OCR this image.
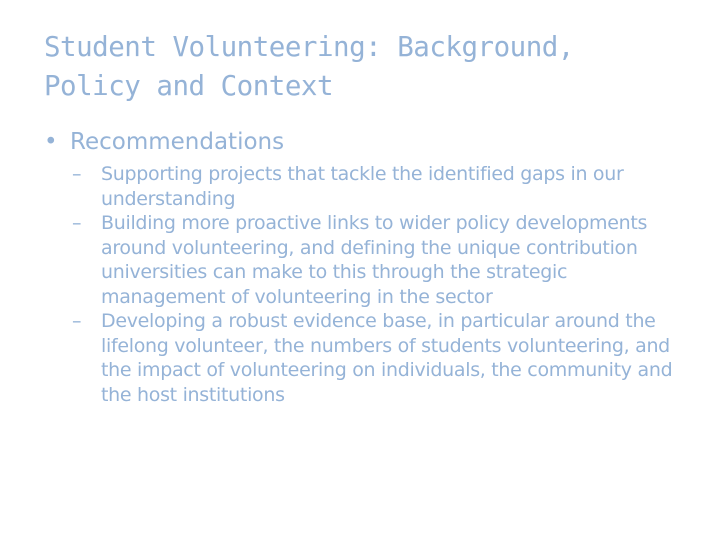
Student Volunteering: Background,
Policy and Context
• Recommendations
– Supporting projects that tackle the identified gaps in our understanding
– Building more proactive links to wider policy developments around volunteering, and defining the unique contribution universities can make to this through the strategic management of volunteering in the sector
– Developing a robust evidence base, in particular around the lifelong volunteer, the numbers of students volunteering, and the impact of volunteering on individuals, the community and the host institutions
